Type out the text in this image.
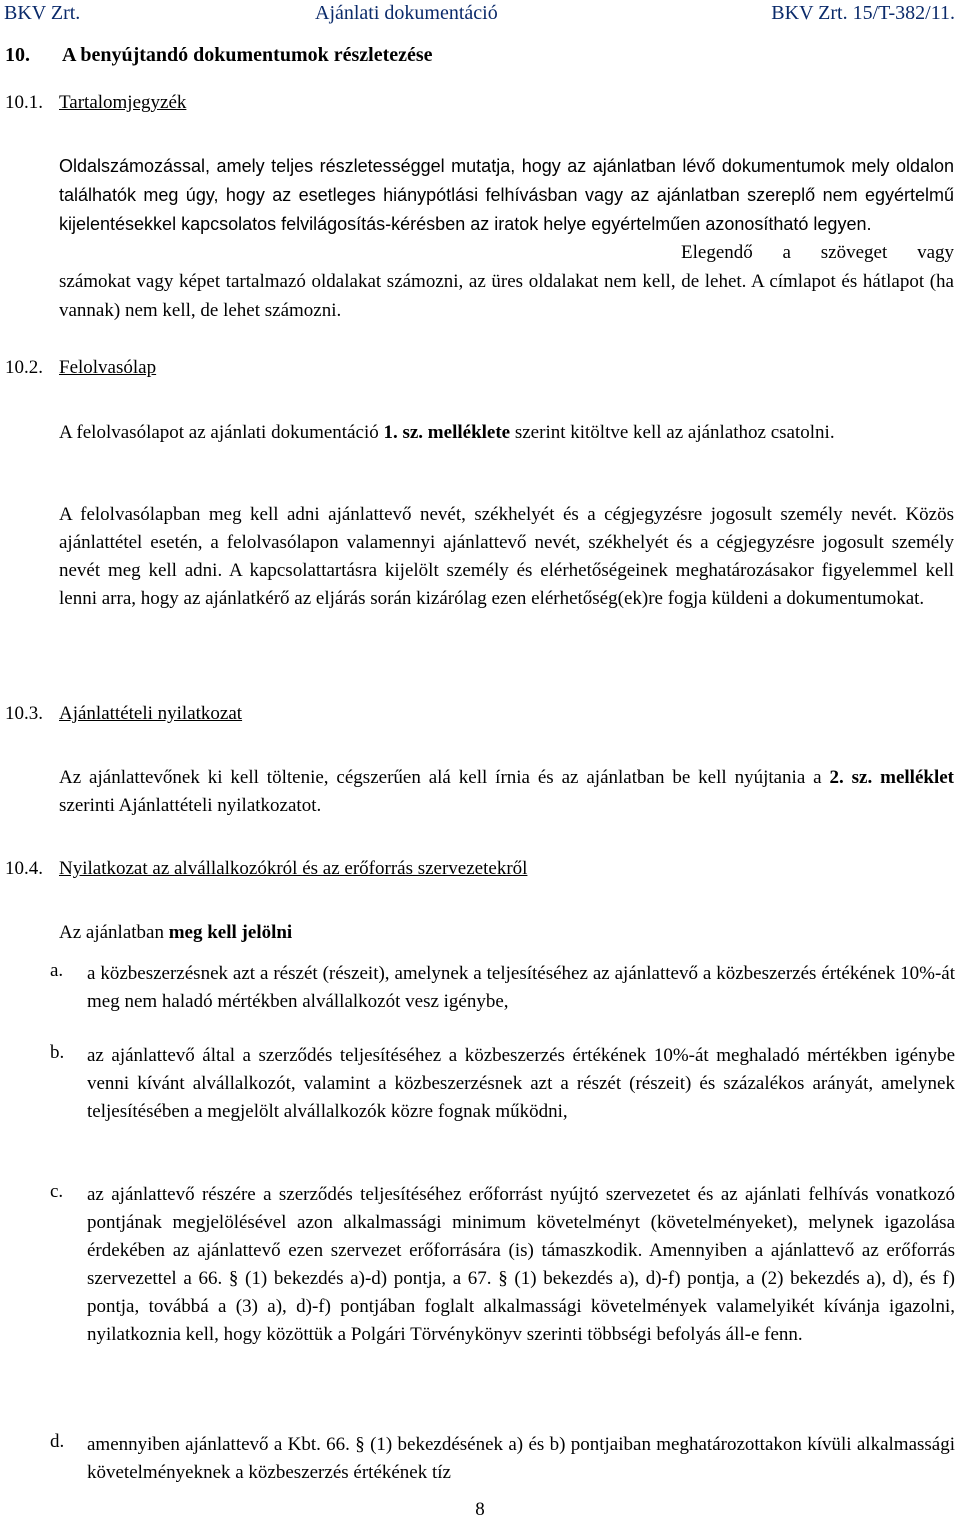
BKV Zrt.	Ajánlati dokumentáció	BKV Zrt. 15/T-382/11.
10. A benyújtandó dokumentumok részletezése
10.1. Tartalomjegyzék
Oldalszámozással, amely teljes részletességgel mutatja, hogy az ajánlatban lévő dokumentumok mely oldalon találhatók meg úgy, hogy az esetleges hiánypótlási felhívásban vagy az ajánlatban szereplő nem egyértelmű kijelentésekkel kapcsolatos felvilágosítás-kérésben az iratok helye egyértelműen azonosítható legyen.
Elegendő a szöveget vagy számokat vagy képet tartalmazó oldalakat számozni, az üres oldalakat nem kell, de lehet. A címlapot és hátlapot (ha vannak) nem kell, de lehet számozni.
10.2. Felolvasólap
A felolvasólapot az ajánlati dokumentáció 1. sz. melléklete szerint kitöltve kell az ajánlathoz csatolni.
A felolvasólapban meg kell adni ajánlattevő nevét, székhelyét és a cégjegyzésre jogosult személy nevét. Közös ajánlattétel esetén, a felolvasólapon valamennyi ajánlattevő nevét, székhelyét és a cégjegyzésre jogosult személy nevét meg kell adni. A kapcsolattartásra kijelölt személy és elérhetőségeinek meghatározásakor figyelemmel kell lenni arra, hogy az ajánlatkérő az eljárás során kizárólag ezen elérhetőség(ek)re fogja küldeni a dokumentumokat.
10.3. Ajánlattételi nyilatkozat
Az ajánlattevőnek ki kell töltenie, cégszerűen alá kell írnia és az ajánlatban be kell nyújtania a 2. sz. melléklet szerinti Ajánlattételi nyilatkozatot.
10.4. Nyilatkozat az alvállalkozókról és az erőforrás szervezetekről
Az ajánlatban meg kell jelölni
a.	a közbeszerzésnek azt a részét (részeit), amelynek a teljesítéséhez az ajánlattevő a közbeszerzés értékének 10%-át meg nem haladó mértékben alvállalkozót vesz igénybe,
b.	az ajánlattevő által a szerződés teljesítéséhez a közbeszerzés értékének 10%-át meghaladó mértékben igénybe venni kívánt alvállalkozót, valamint a közbeszerzésnek azt a részét (részeit) és százalékos arányát, amelynek teljesítésében a megjelölt alvállalkozók közre fognak működni,
c.	az ajánlattevő részére a szerződés teljesítéséhez erőforrást nyújtó szervezetet és az ajánlati felhívás vonatkozó pontjának megjelölésével azon alkalmassági minimum követelményt (követelményeket), melynek igazolása érdekében az ajánlattevő ezen szervezet erőforrására (is) támaszkodik. Amennyiben a ajánlattevő az erőforrás szervezettel a 66. § (1) bekezdés a)-d) pontja, a 67. § (1) bekezdés a), d)-f) pontja, a (2) bekezdés a), d), és f) pontja, továbbá a (3) a), d)-f) pontjában foglalt alkalmassági követelmények valamelyikét kívánja igazolni, nyilatkoznia kell, hogy közöttük a Polgári Törvénykönyv szerinti többségi befolyás áll-e fenn.
d.	amennyiben ajánlattevő a Kbt. 66. § (1) bekezdésének a) és b) pontjaiban meghatározottakon kívüli alkalmassági követelményeknek a közbeszerzés értékének tíz
8
